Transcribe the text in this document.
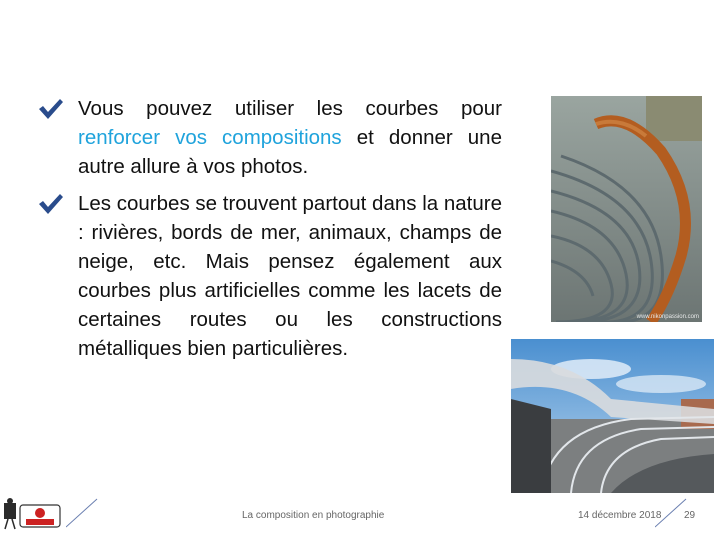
Vous pouvez utiliser les courbes pour renforcer vos compositions et donner une autre allure à vos photos.
Les courbes se trouvent partout dans la nature : rivières, bords de mer, animaux, champs de neige, etc. Mais pensez également aux courbes plus artificielles comme les lacets de certaines routes ou les constructions métalliques bien particulières.
www.nikonpassion.com
La composition en photographie	14 décembre 2018 29
